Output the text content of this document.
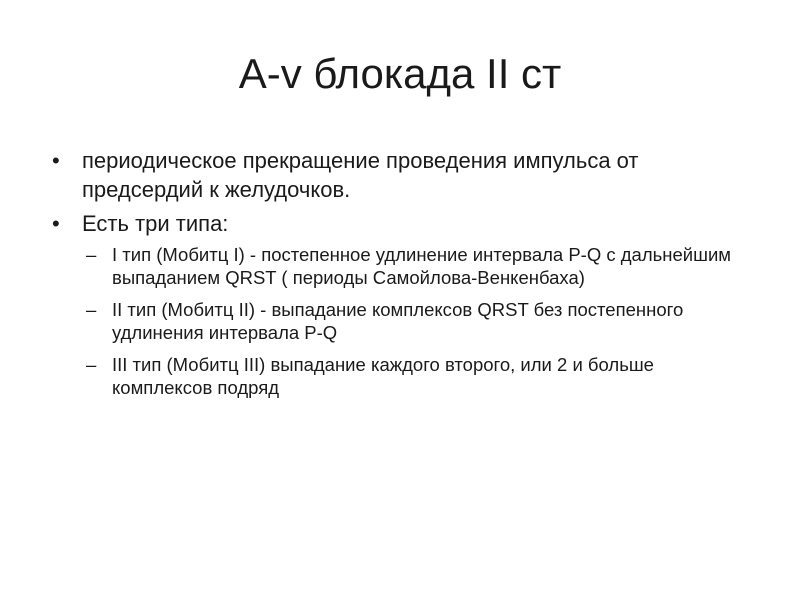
A-v блокада II ст
• периодическое прекращение проведения импульса от предсердий к желудочков.
• Есть три типа:
– I тип (Мобитц I) - постепенное удлинение интервала P-Q с дальнейшим выпаданием QRST ( периоды Самойлова-Венкенбаха)
– II тип (Мобитц II) - выпадание комплексов QRST без постепенного удлинения интервала P-Q
– III тип (Мобитц III) выпадание каждого второго, или 2 и больше комплексов подряд
